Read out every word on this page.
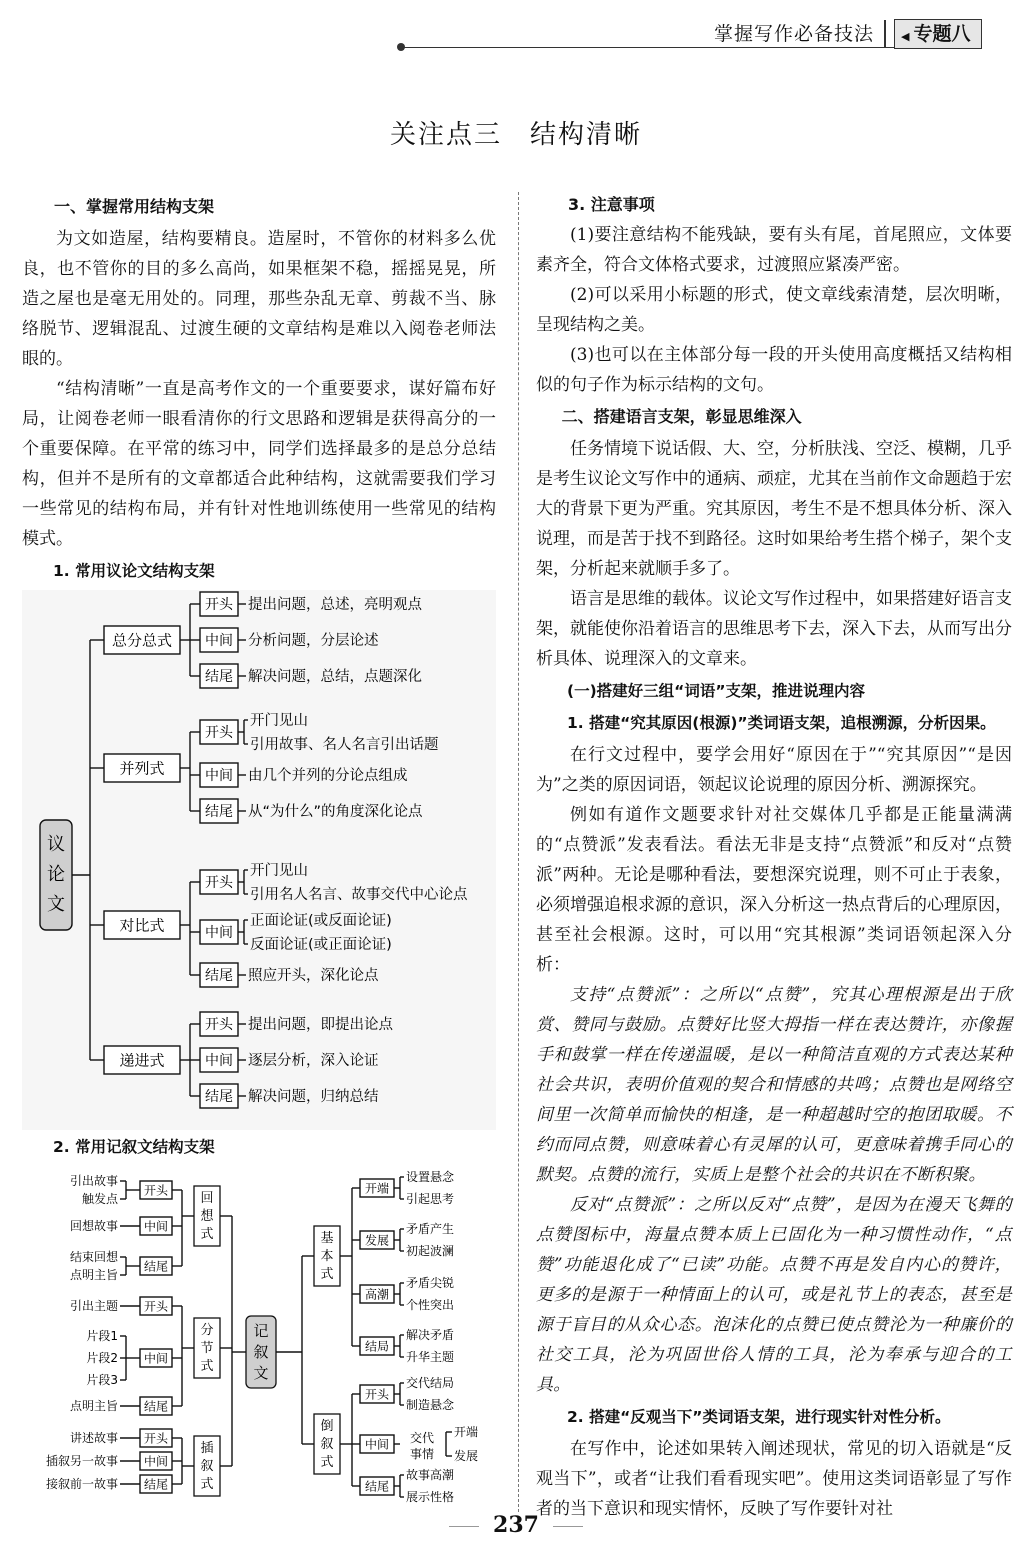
掌握写作必备技法	◀ 专题八
关注点三　结构清晰
一、掌握常用结构支架

为文如造屋，结构要精良。造屋时，不管你的材料多么优良，也不管你的目的多么高尚，如果框架不稳，摇摇晃晃，所造之屋也是毫无用处的。同理，那些杂乱无章、剪裁不当、脉络脱节、逻辑混乱、过渡生硬的文章结构是难以入阅卷老师法眼的。

“结构清晰”一直是高考作文的一个重要要求，谋好篇布好局，让阅卷老师一眼看清你的行文思路和逻辑是获得高分的一个重要保障。在平常的练习中，同学们选择最多的是总分总结构，但并不是所有的文章都适合此种结构，这就需要我们学习一些常见的结构布局，并有针对性地训练使用一些常见的结构模式。

1. 常用议论文结构支架
议
论
文
总分总式
开头 提出问题，总述，亮明观点
中间 分析问题，分层论述
结尾 解决问题，总结，点题深化
并列式
开头
开门见山
引用故事、名人名言引出话题
中间 由几个并列的分论点组成
结尾 从“为什么”的角度深化论点
对比式
开头
开门见山
引用名人名言、故事交代中心论点
中间
正面论证(或反面论证)
反面论证(或正面论证)
结尾 照应开头，深化论点
递进式
开头 提出问题，即提出论点
中间 逐层分析，深入论证
结尾 解决问题，归纳总结
2. 常用记叙文结构支架
记
叙
文
回
想
式
开头
引出故事
触发点
中间
回想故事
结尾
结束回想
点明主旨
分
节
式
开头
引出主题
中间
片段1
片段2
片段3
结尾
点明主旨
插
叙
式
开头
讲述故事
中间
插叙另一故事
结尾
接叙前一故事
基
本
式
开端
设置悬念
引起思考
发展
矛盾产生
初起波澜
高潮
矛盾尖锐
个性突出
结局
解决矛盾
升华主题
倒
叙
式
开头
交代结局
制造悬念
中间 交代
事情
开端
发展
结尾
故事高潮
展示性格

3. 注意事项

(1)要注意结构不能残缺，要有头有尾，首尾照应，文体要素齐全，符合文体格式要求，过渡照应紧凑严密。

(2)可以采用小标题的形式，使文章线索清楚，层次明晰，呈现结构之美。

(3)也可以在主体部分每一段的开头使用高度概括又结构相似的句子作为标示结构的文句。

二、搭建语言支架，彰显思维深入

任务情境下说话假、大、空，分析肤浅、空泛、模糊，几乎是考生议论文写作中的通病、顽症，尤其在当前作文命题趋于宏大的背景下更为严重。究其原因，考生不是不想具体分析、深入说理，而是苦于找不到路径。这时如果给考生搭个梯子，架个支架，分析起来就顺手多了。

语言是思维的载体。议论文写作过程中，如果搭建好语言支架，就能使你沿着语言的思维思考下去，深入下去，从而写出分析具体、说理深入的文章来。

(一)搭建好三组“词语”支架，推进说理内容
1. 搭建“究其原因(根源)”类词语支架，追根溯源，分析因果。

在行文过程中，要学会用好“原因在于”“究其原因”“是因为”之类的原因词语，领起议论说理的原因分析、溯源探究。

例如有道作文题要求针对社交媒体几乎都是正能量满满的“点赞派”发表看法。看法无非是支持“点赞派”和反对“点赞派”两种。无论是哪种看法，要想深究说理，则不可止于表象，必须增强追根求源的意识，深入分析这一热点背后的心理原因，甚至社会根源。这时，可以用“究其根源”类词语领起深入分析：

支持“点赞派”：之所以“点赞”，究其心理根源是出于欣赏、赞同与鼓励。点赞好比竖大拇指一样在表达赞许，亦像握手和鼓掌一样在传递温暖，是以一种简洁直观的方式表达某种社会共识，表明价值观的契合和情感的共鸣；点赞也是网络空间里一次简单而愉快的相逢，是一种超越时空的抱团取暖。不约而同点赞，则意味着心有灵犀的认可，更意味着携手同心的默契。点赞的流行，实质上是整个社会的共识在不断积聚。

反对“点赞派”：之所以反对“点赞”，是因为在漫天飞舞的点赞图标中，海量点赞本质上已固化为一种习惯性动作，“点赞”功能退化成了“已读”功能。点赞不再是发自内心的赞许，更多的是源于一种情面上的认可，或是礼节上的表态，甚至是源于盲目的从众心态。泡沫化的点赞已使点赞沦为一种廉价的社交工具，沦为巩固世俗人情的工具，沦为奉承与迎合的工具。

2. 搭建“反观当下”类词语支架，进行现实针对性分析。

在写作中，论述如果转入阐述现状，常见的切入语就是“反观当下”，或者“让我们看看现实吧”。使用这类词语彰显了写作者的当下意识和现实情怀，反映了写作要针对社

237
